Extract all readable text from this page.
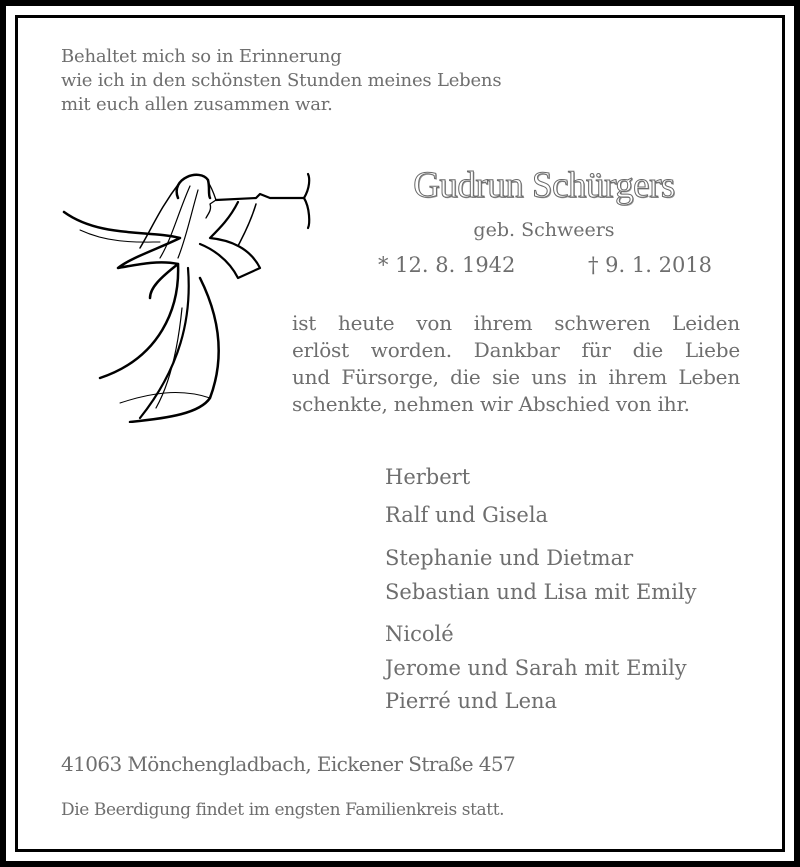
Behaltet mich so in Erinnerung
wie ich in den schönsten Stunden meines Lebens
mit euch allen zusammen war.
Gudrun Schürgers
geb. Schweers
* 12. 8. 1942	† 9. 1. 2018
ist heute von ihrem schweren Leiden
erlöst worden. Dankbar für die Liebe
und Fürsorge, die sie uns in ihrem Leben
schenkte, nehmen wir Abschied von ihr.
Herbert
Ralf und Gisela
Stephanie und Dietmar
Sebastian und Lisa mit Emily
Nicolé
Jerome und Sarah mit Emily
Pierré und Lena
41063 Mönchengladbach, Eickener Straße 457
Die Beerdigung findet im engsten Familienkreis statt.
